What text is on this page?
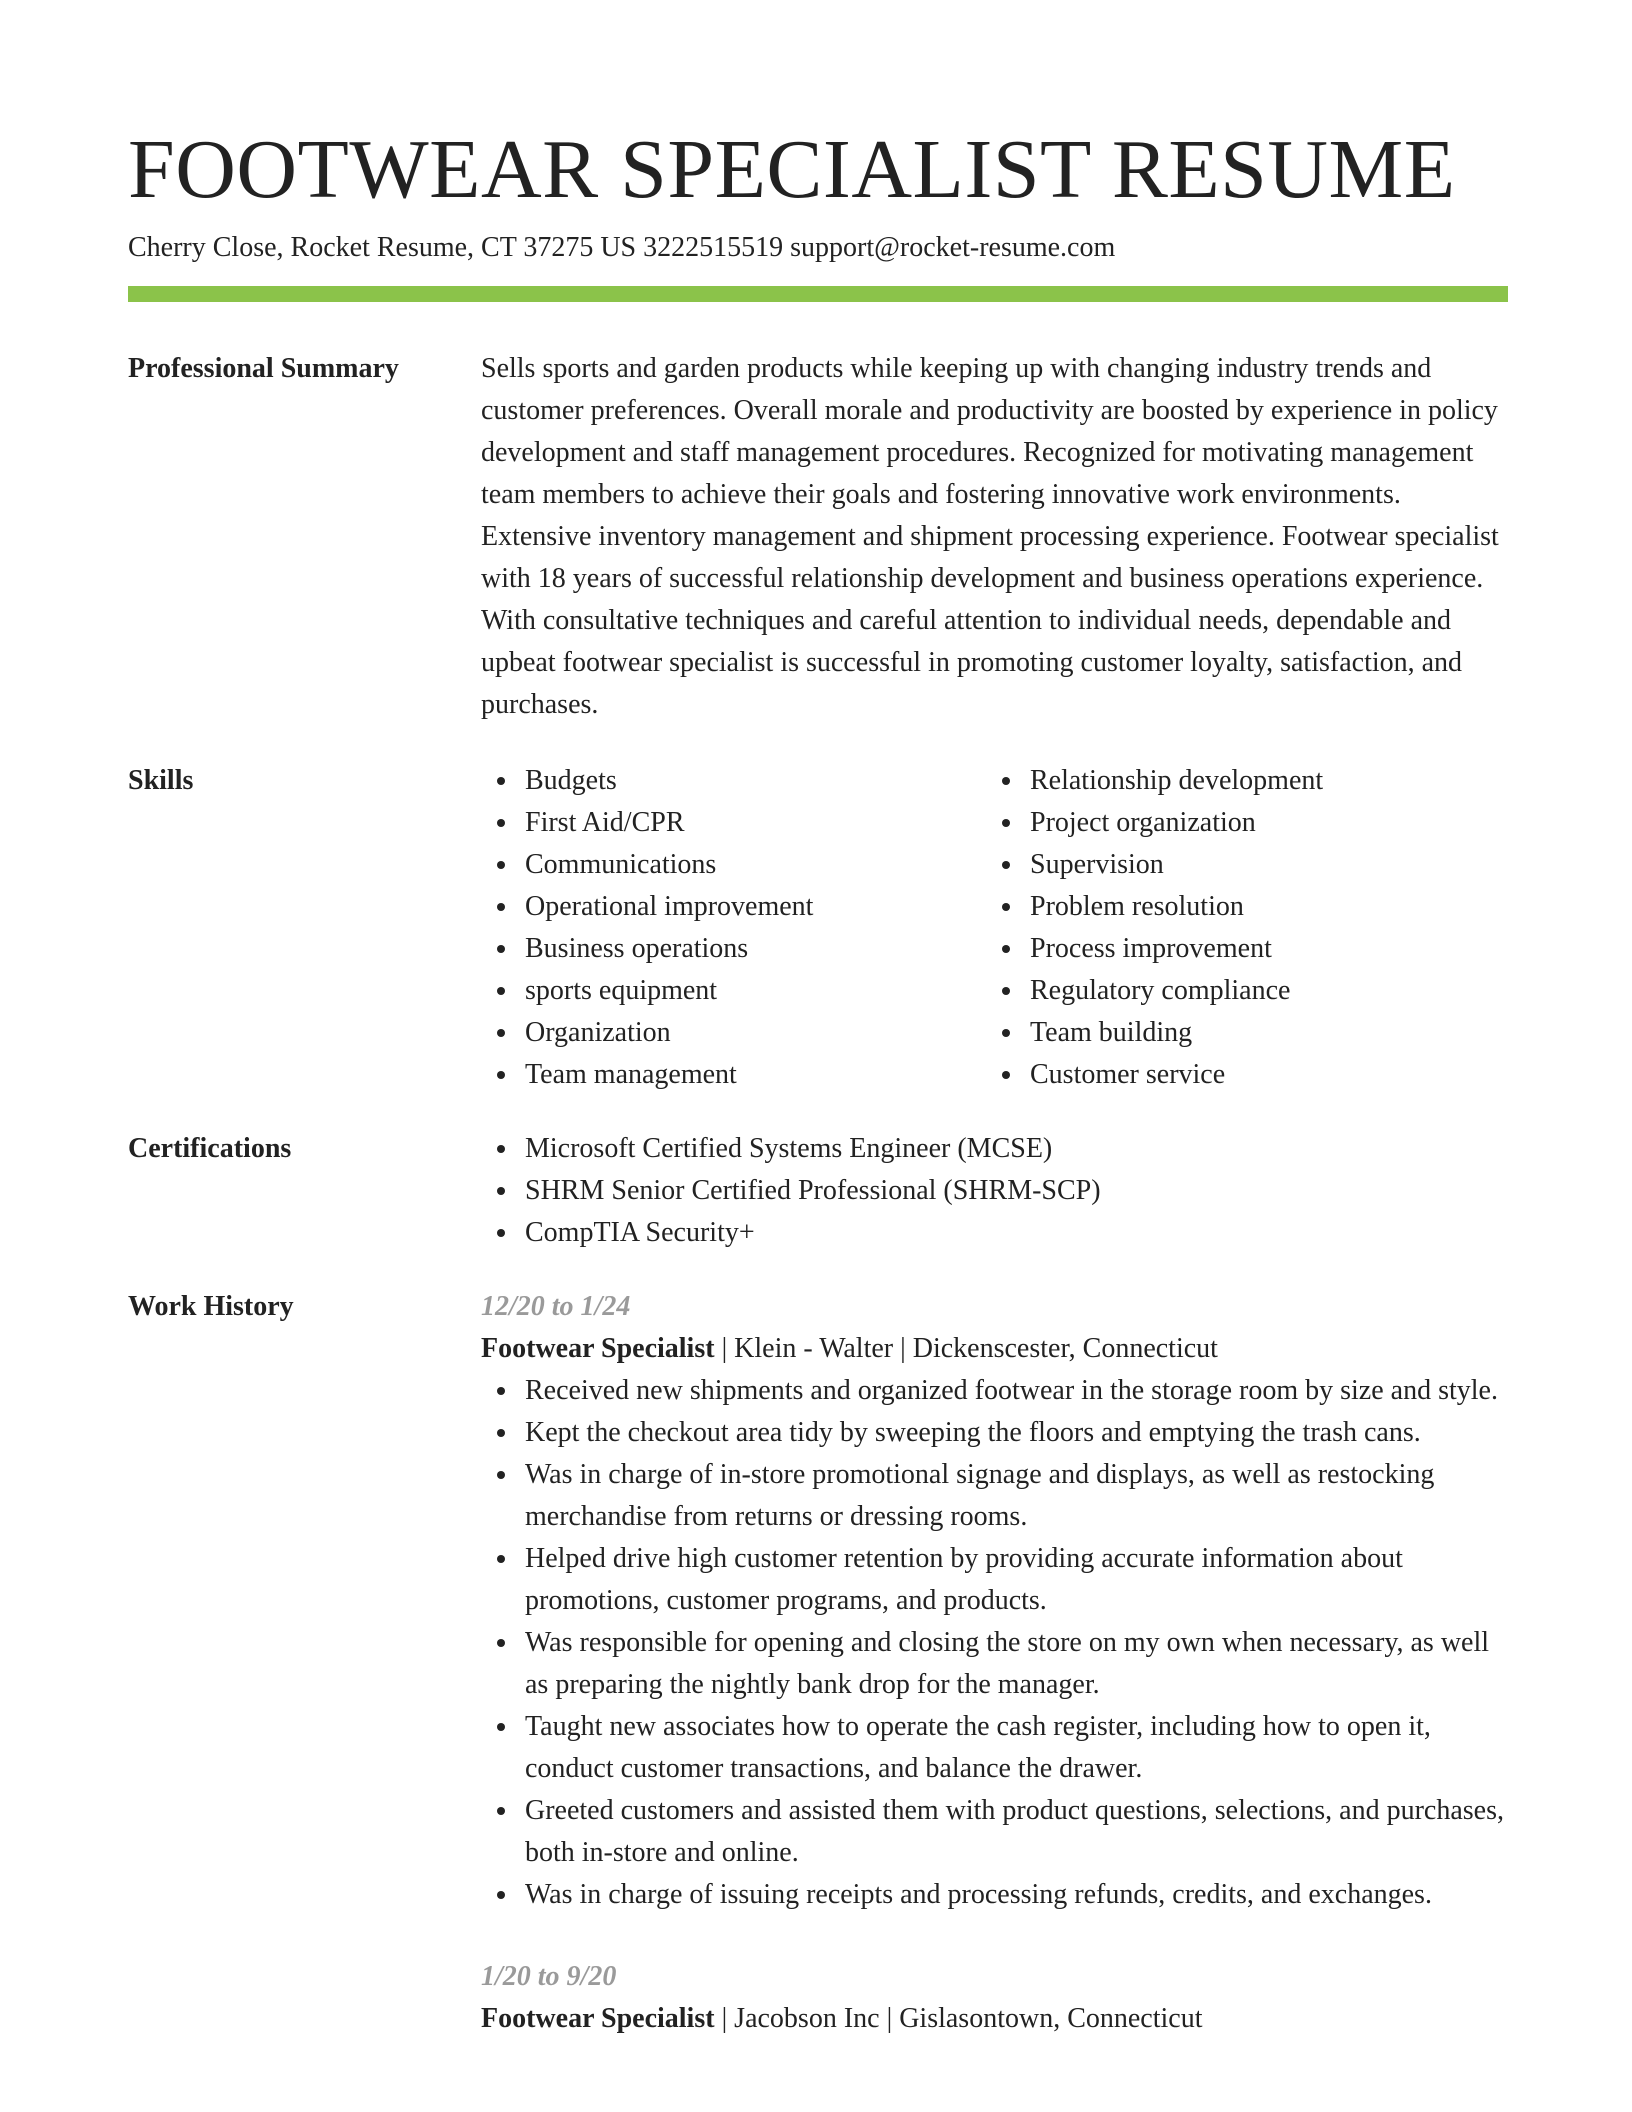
FOOTWEAR SPECIALIST RESUME
Cherry Close, Rocket Resume, CT 37275 US 3222515519 support@rocket-resume.com
Professional Summary	Sells sports and garden products while keeping up with changing industry trends and customer preferences. Overall morale and productivity are boosted by experience in policy development and staff management procedures. Recognized for motivating management team members to achieve their goals and fostering innovative work environments. Extensive inventory management and shipment processing experience. Footwear specialist with 18 years of successful relationship development and business operations experience. With consultative techniques and careful attention to individual needs, dependable and upbeat footwear specialist is successful in promoting customer loyalty, satisfaction, and purchases.

Skills	Budgets
First Aid/CPR
Communications
Operational improvement
Business operations
sports equipment
Organization
Team management
Relationship development
Project organization
Supervision
Problem resolution
Process improvement
Regulatory compliance
Team building
Customer service
Certifications	Microsoft Certified Systems Engineer (MCSE)
SHRM Senior Certified Professional (SHRM-SCP)
CompTIA Security+
Work History	12/20 to 1/24
Footwear Specialist | Klein - Walter | Dickenscester, Connecticut
Received new shipments and organized footwear in the storage room by size and style.
Kept the checkout area tidy by sweeping the floors and emptying the trash cans.
Was in charge of in-store promotional signage and displays, as well as restocking merchandise from returns or dressing rooms.
Helped drive high customer retention by providing accurate information about promotions, customer programs, and products.
Was responsible for opening and closing the store on my own when necessary, as well as preparing the nightly bank drop for the manager.
Taught new associates how to operate the cash register, including how to open it, conduct customer transactions, and balance the drawer.
Greeted customers and assisted them with product questions, selections, and purchases, both in-store and online.
Was in charge of issuing receipts and processing refunds, credits, and exchanges.
1/20 to 9/20
Footwear Specialist | Jacobson Inc | Gislasontown, Connecticut
